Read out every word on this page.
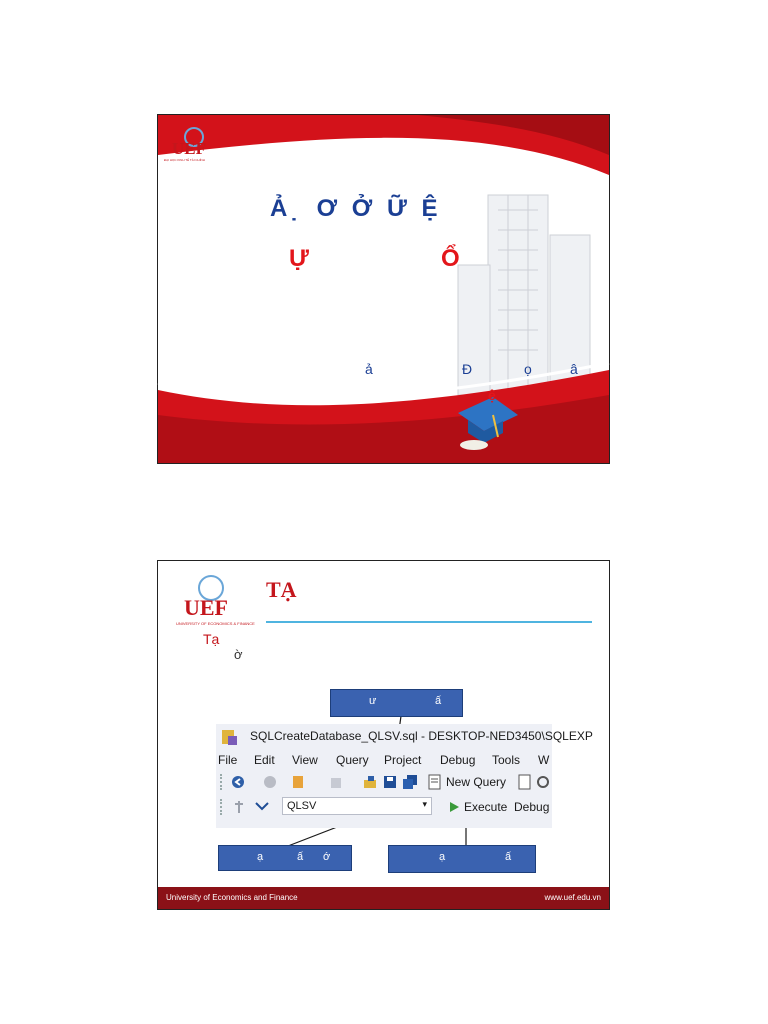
UEF
ĐẠI HỌC KINH TẾ TÀI CHÍNH
Ả ̣ Ơ Ở Ữ Ệ
Ự	Ổ
ả	Đ	ọ	â
ệ
UEF
UNIVERSITY OF ECONOMICS & FINANCE
TẠ
Tạ
ờ
ư	ấ
SQLCreateDatabase_QLSV.sql - DESKTOP-NED3450\SQLEXP
File Edit View Query Project Debug Tools W
New Query
QLSV	▾	Execute Debug
ạ	ấ ớ	ạ	ấ
University of Economics and Finance	www.uef.edu.vn
